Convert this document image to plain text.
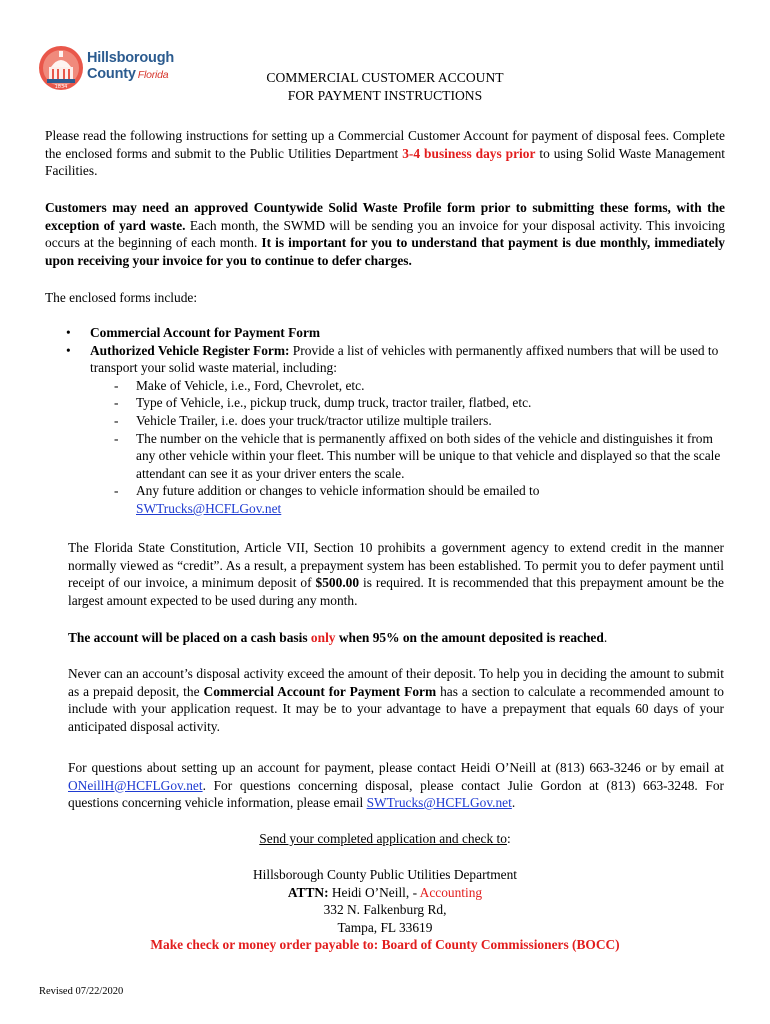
1834
Hillsborough
County Florida	COMMERCIAL CUSTOMER ACCOUNT
FOR PAYMENT INSTRUCTIONS
Please read the following instructions for setting up a Commercial Customer Account for payment of disposal fees. Complete the enclosed forms and submit to the Public Utilities Department 3-4 business days prior to using Solid Waste Management Facilities.
Customers may need an approved Countywide Solid Waste Profile form prior to submitting these forms, with the exception of yard waste. Each month, the SWMD will be sending you an invoice for your disposal activity. This invoicing occurs at the beginning of each month. It is important for you to understand that payment is due monthly, immediately upon receiving your invoice for you to continue to defer charges.
The enclosed forms include:
• Commercial Account for Payment Form
• Authorized Vehicle Register Form: Provide a list of vehicles with permanently affixed numbers that will be used to transport your solid waste material, including:
- Make of Vehicle, i.e., Ford, Chevrolet, etc.
- Type of Vehicle, i.e., pickup truck, dump truck, tractor trailer, flatbed, etc.
- Vehicle Trailer, i.e. does your truck/tractor utilize multiple trailers.
- The number on the vehicle that is permanently affixed on both sides of the vehicle and distinguishes it from any other vehicle within your fleet. This number will be unique to that vehicle and displayed so that the scale attendant can see it as your driver enters the scale.
- Any future addition or changes to vehicle information should be emailed to
SWTrucks@HCFLGov.net
The Florida State Constitution, Article VII, Section 10 prohibits a government agency to extend credit in the manner normally viewed as “credit”. As a result, a prepayment system has been established. To permit you to defer payment until receipt of our invoice, a minimum deposit of $500.00 is required. It is recommended that this prepayment amount be the largest amount expected to be used during any month.
The account will be placed on a cash basis only when 95% on the amount deposited is reached.
Never can an account’s disposal activity exceed the amount of their deposit. To help you in deciding the amount to submit as a prepaid deposit, the Commercial Account for Payment Form has a section to calculate a recommended amount to include with your application request. It may be to your advantage to have a prepayment that equals 60 days of your anticipated disposal activity.
For questions about setting up an account for payment, please contact Heidi O’Neill at (813) 663-3246 or by email at ONeillH@HCFLGov.net. For questions concerning disposal, please contact Julie Gordon at (813) 663-3248. For questions concerning vehicle information, please email SWTrucks@HCFLGov.net.
Send your completed application and check to:
Hillsborough County Public Utilities Department
ATTN: Heidi O’Neill, - Accounting
332 N. Falkenburg Rd,
Tampa, FL 33619
Make check or money order payable to: Board of County Commissioners (BOCC)
Revised 07/22/2020
